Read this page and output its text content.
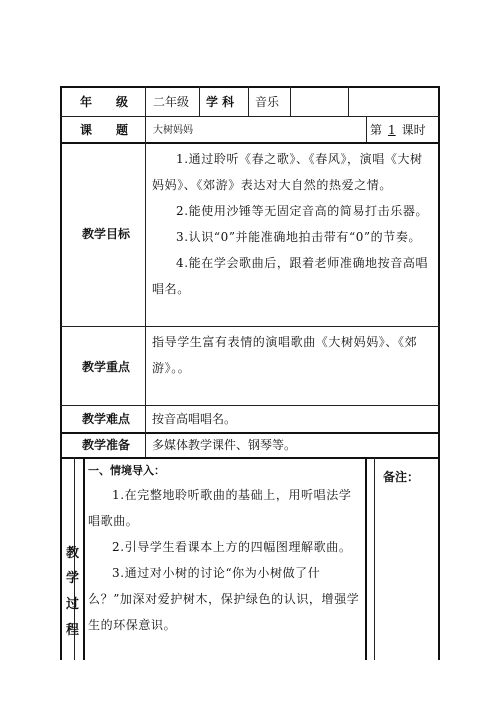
年　　级 二年级 学 科 音乐
课　　题 大树妈妈	第 1 课时
教学目标
1.通过聆听《春之歌》、《春风》，演唱《大树妈妈》、《郊游》表达对大自然的热爱之情。
2.能使用沙锤等无固定音高的简易打击乐器。
3.认识“0”并能准确地拍击带有“0”的节奏。
4.能在学会歌曲后，跟着老师准确地按音高唱唱名。
教学重点
指导学生富有表情的演唱歌曲《大树妈妈》、《郊游》。。
教学难点 按音高唱唱名。
教学准备 多媒体教学课件、钢琴等。
教
学
过
程
一、情境导入：
1.在完整地聆听歌曲的基础上，用听唱法学唱歌曲。
2.引导学生看课本上方的四幅图理解歌曲。
3.通过对小树的讨论“你为小树做了什么？”加深对爱护树木，保护绿色的认识，增强学生的环保意识。
备注：
